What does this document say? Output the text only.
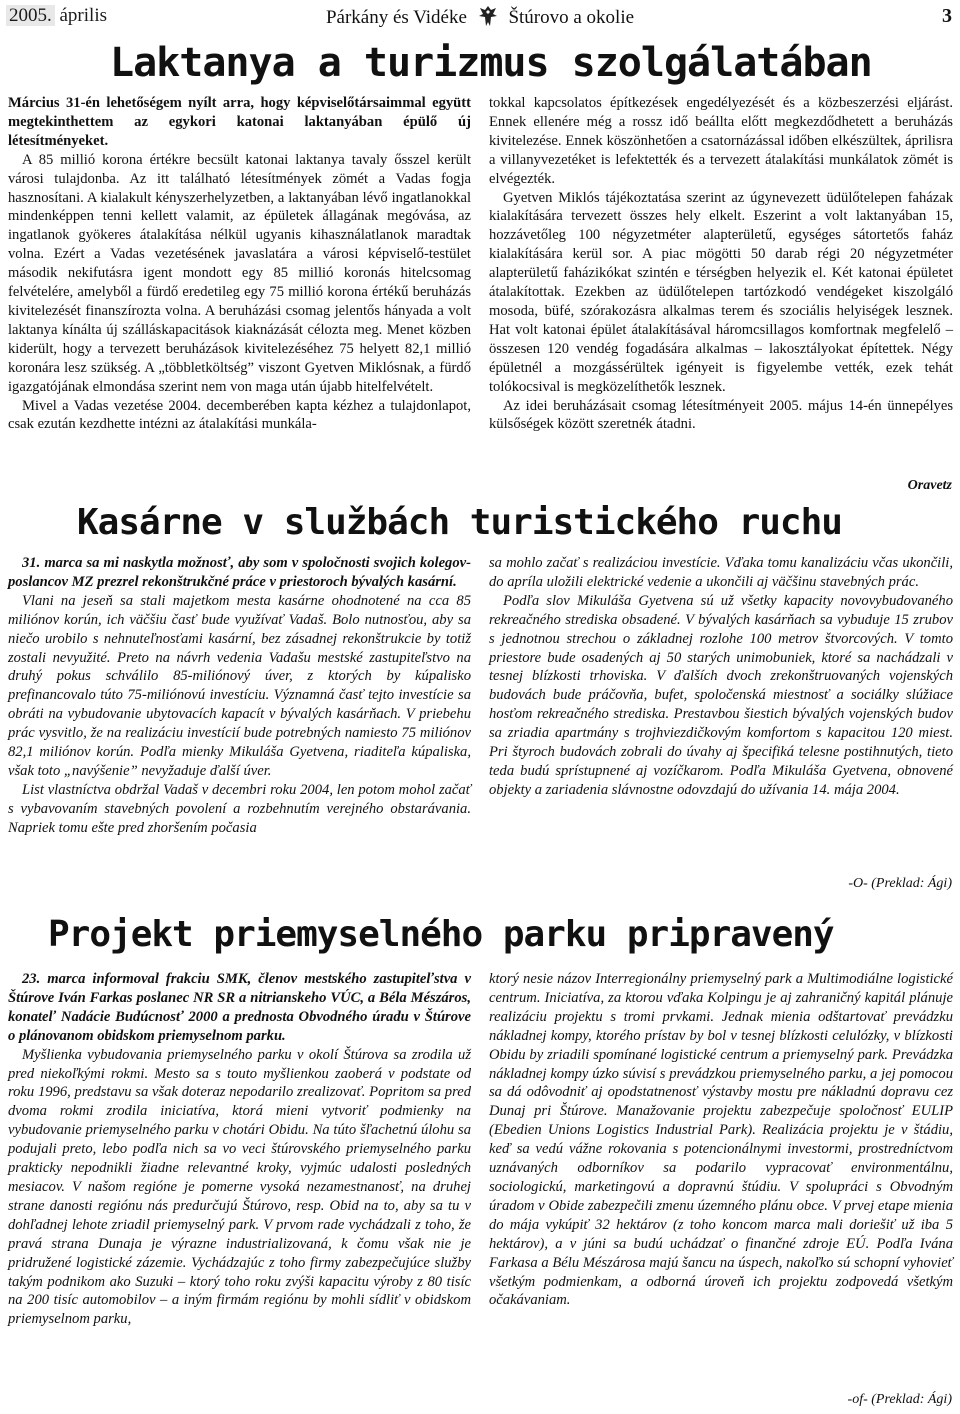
2005. április	Párkány és Vidéke Štúrovo a okolie	3
Laktanya a turizmus szolgálatában

Március 31-én lehetőségem nyílt arra, hogy képviselőtársaimmal együtt megtekinthettem az egykori katonai laktanyában épülő új létesítményeket.

A 85 millió korona értékre becsült katonai laktanya tavaly ősszel került városi tulajdonba. Az itt található létesítmények zömét a Vadas fogja hasznosítani. A kialakult kényszerhelyzetben, a laktanyában lévő ingatlanokkal mindenképpen tenni kellett valamit, az épületek állagának megóvása, az ingatlanok gyökeres átalakítása nélkül ugyanis kihasználatlanok maradtak volna. Ezért a Vadas vezetésének javaslatára a városi képviselő-testület második nekifutásra igent mondott egy 85 millió koronás hitelcsomag felvételére, amelyből a fürdő eredetileg egy 75 millió korona értékű beruházás kivitelezését finanszírozta volna. A beruházási csomag jelentős hányada a volt laktanya kínálta új szálláskapacitások kiaknázását célozta meg. Menet közben kiderült, hogy a tervezett beruházások kivitelezéséhez 75 helyett 82,1 millió koronára lesz szükség. A „többletköltség” viszont Gyetven Miklósnak, a fürdő igazgatójának elmondása szerint nem von maga után újabb hitelfelvételt.

Mivel a Vadas vezetése 2004. decemberében kapta kézhez a tulajdonlapot, csak ezután kezdhette intézni az átalakítási munkála-

tokkal kapcsolatos építkezések engedélyezését és a közbeszerzési eljárást. Ennek ellenére még a rossz idő beállta előtt megkezdődhetett a beruházás kivitelezése. Ennek köszönhetően a csatornázással időben elkészültek, áprilisra a villanyvezetéket is lefektették és a tervezett átalakítási munkálatok zömét is elvégezték.

Gyetven Miklós tájékoztatása szerint az úgynevezett üdülőtelepen faházak kialakítására tervezett összes hely elkelt. Eszerint a volt laktanyában 15, hozzávetőleg 100 négyzetméter alapterületű, egységes sátortetős faház kialakítására kerül sor. A piac mögötti 50 darab régi 20 négyzetméter alapterületű faházikókat szintén e térségben helyezik el. Két katonai épületet átalakítottak. Ezekben az üdülőtelepen tartózkodó vendégeket kiszolgáló mosoda, büfé, szórakozásra alkalmas terem és szociális helyiségek lesznek. Hat volt katonai épület átalakításával háromcsillagos komfortnak megfelelő – összesen 120 vendég fogadására alkalmas – lakosztályokat építettek. Négy épületnél a mozgássérültek igényeit is figyelembe vették, ezek tehát tolókocsival is megközelíthetők lesznek.

Az idei beruházásait csomag létesítményeit 2005. május 14-én ünnepélyes külsőségek között szeretnék átadni.

Oravetz
Kasárne v službách turistického ruchu

31. marca sa mi naskytla možnosť, aby som v spoločnosti svojich kolegov-poslancov MZ prezrel rekonštrukčné práce v priestoroch bývalých kasární.

Vlani na jeseň sa stali majetkom mesta kasárne ohodnotené na cca 85 miliónov korún, ich väčšiu časť bude využívať Vadaš. Bolo nutnosťou, aby sa niečo urobilo s nehnuteľnosťami kasární, bez zásadnej rekonštrukcie by totiž zostali nevyužité. Preto na návrh vedenia Vadašu mestské zastupiteľstvo na druhý pokus schválilo 85-miliónový úver, z ktorých by kúpalisko prefinancovalo túto 75-miliónovú investíciu. Významná časť tejto investície sa obráti na vybudovanie ubytovacích kapacít v bývalých kasárňach. V priebehu prác vysvitlo, že na realizáciu investícií bude potrebných namiesto 75 miliónov 82,1 miliónov korún. Podľa mienky Mikuláša Gyetvena, riaditeľa kúpaliska, však toto „navýšenie” nevyžaduje ďalší úver.

List vlastníctva obdržal Vadaš v decembri roku 2004, len potom mohol začať s vybavovaním stavebných povolení a rozbehnutím verejného obstarávania. Napriek tomu ešte pred zhoršením počasia

sa mohlo začať s realizáciou investície. Vďaka tomu kanalizáciu včas ukončili, do apríla uložili elektrické vedenie a ukončili aj väčšinu stavebných prác.

Podľa slov Mikuláša Gyetvena sú už všetky kapacity novovybudovaného rekreačného strediska obsadené. V bývalých kasárňach sa vybuduje 15 zrubov s jednotnou strechou o základnej rozlohe 100 metrov štvorcových. V tomto priestore bude osadených aj 50 starých unimobuniek, ktoré sa nachádzali v tesnej blízkosti trhoviska. V ďalších dvoch zrekonštruovaných vojenských budovách bude práčovňa, bufet, spoločenská miestnosť a sociálky slúžiace hosťom rekreačného strediska. Prestavbou šiestich bývalých vojenských budov sa zriadia apartmány s trojhviezdičkovým komfortom s kapacitou 120 miest. Pri štyroch budovách zobrali do úvahy aj špecifiká telesne postihnutých, tieto teda budú sprístupnené aj vozíčkarom. Podľa Mikuláša Gyetvena, obnovené objekty a zariadenia slávnostne odovzdajú do užívania 14. mája 2004.

-O- (Preklad: Ági)
Projekt priemyselného parku pripravený

23. marca informoval frakciu SMK, členov mestského zastupiteľstva v Štúrove Iván Farkas poslanec NR SR a nitrianskeho VÚC, a Béla Mészáros, konateľ Nadácie Budúcnosť 2000 a prednosta Obvodného úradu v Štúrove o plánovanom obidskom priemyselnom parku.

Myšlienka vybudovania priemyselného parku v okolí Štúrova sa zrodila už pred niekoľkými rokmi. Mesto sa s touto myšlienkou zaoberá v podstate od roku 1996, predstavu sa však doteraz nepodarilo zrealizovať. Popritom sa pred dvoma rokmi zrodila iniciatíva, ktorá mieni vytvoriť podmienky na vybudovanie priemyselného parku v chotári Obidu. Na túto šľachetnú úlohu sa podujali preto, lebo podľa nich sa vo veci štúrovského priemyselného parku prakticky nepodnikli žiadne relevantné kroky, vyjmúc udalosti posledných mesiacov. V našom regióne je pomerne vysoká nezamestnanosť, na druhej strane danosti regiónu nás predurčujú Štúrovo, resp. Obid na to, aby sa tu v dohľadnej lehote zriadil priemyselný park. V prvom rade vychádzali z toho, že pravá strana Dunaja je výrazne industrializovaná, k čomu však nie je pridružené logistické zázemie. Vychádzajúc z toho firmy zabezpečujúce služby takým podnikom ako Suzuki – ktorý toho roku zvýši kapacitu výroby z 80 tisíc na 200 tisíc automobilov – a iným firmám regiónu by mohli sídliť v obidskom priemyselnom parku,

ktorý nesie názov Interregionálny priemyselný park a Multimodiálne logistické centrum. Iniciatíva, za ktorou vďaka Kolpingu je aj zahraničný kapitál plánuje realizáciu projektu s tromi prvkami. Jednak mienia odštartovať prevádzku nákladnej kompy, ktorého prístav by bol v tesnej blízkosti celulózky, v blízkosti Obidu by zriadili spomínané logistické centrum a priemyselný park. Prevádzka nákladnej kompy úzko súvisí s prevádzkou priemyselného parku, a jej pomocou sa dá odôvodniť aj opodstatnenosť výstavby mostu pre nákladnú dopravu cez Dunaj pri Štúrove. Manažovanie projektu zabezpečuje spoločnosť EULIP (Ebedien Unions Logistics Industrial Park). Realizácia projektu je v štádiu, keď sa vedú vážne rokovania s potencionálnymi investormi, prostredníctvom uznávaných odborníkov sa podarilo vypracovať environmentálnu, sociologickú, marketingovú a dopravnú štúdiu. V spolupráci s Obvodným úradom v Obide zabezpečili zmenu územného plánu obce. V prvej etape mienia do mája vykúpiť 32 hektárov (z toho koncom marca mali doriešiť už iba 5 hektárov), a v júni sa budú uchádzať o finančné zdroje EÚ. Podľa Ivána Farkasa a Bélu Mészárosa majú šancu na úspech, nakoľko sú schopní vyhovieť všetkým podmienkam, a odborná úroveň ich projektu zodpovedá všetkým očakávaniam.

-of- (Preklad: Ági)
